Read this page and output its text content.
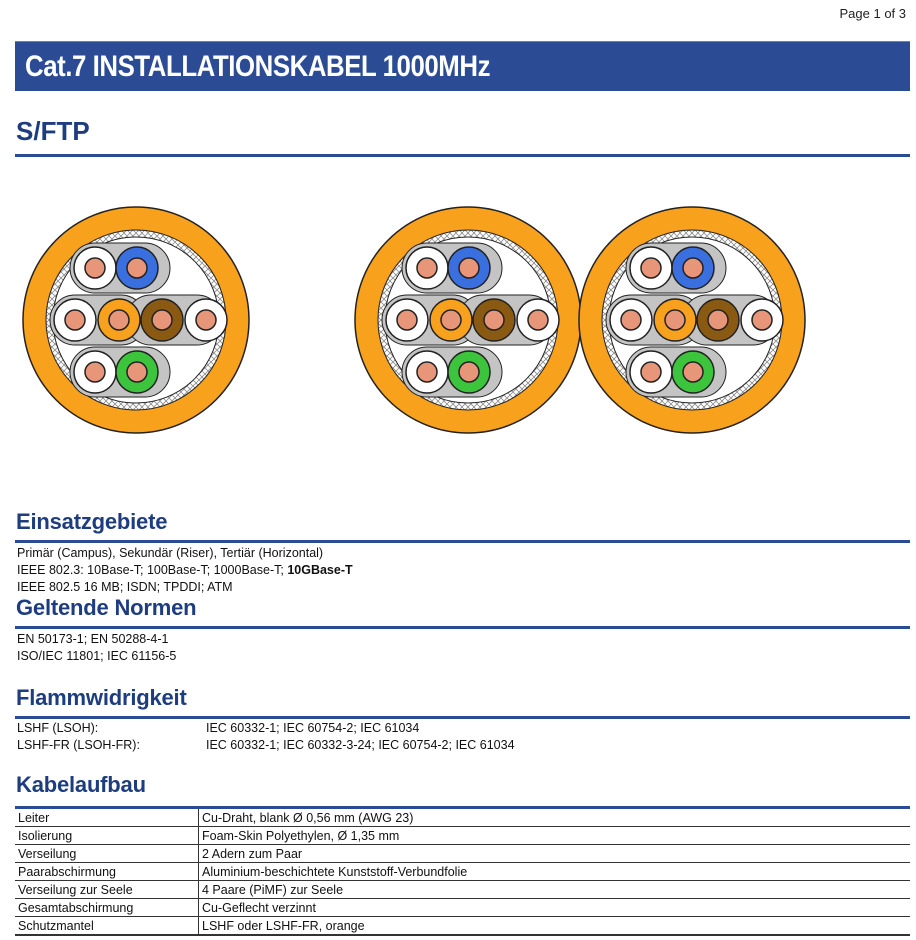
Page 1 of 3
Cat.7 INSTALLATIONSKABEL 1000MHz
S/FTP
Einsatzgebiete
Primär (Campus), Sekundär (Riser), Tertiär (Horizontal)
IEEE 802.3: 10Base-T; 100Base-T; 1000Base-T; 10GBase-T
IEEE 802.5 16 MB; ISDN; TPDDI; ATM
Geltende Normen
EN 50173-1; EN 50288-4-1
ISO/IEC 11801; IEC 61156-5
Flammwidrigkeit
LSHF (LSOH):	IEC 60332-1; IEC 60754-2; IEC 61034
LSHF-FR (LSOH-FR):	IEC 60332-1; IEC 60332-3-24; IEC 60754-2; IEC 61034
Kabelaufbau
Leiter	Cu-Draht, blank Ø 0,56 mm (AWG 23)
Isolierung	Foam-Skin Polyethylen, Ø 1,35 mm
Verseilung	2 Adern zum Paar
Paarabschirmung	Aluminium-beschichtete Kunststoff-Verbundfolie
Verseilung zur Seele	4 Paare (PiMF) zur Seele
Gesamtabschirmung	Cu-Geflecht verzinnt
Schutzmantel	LSHF oder LSHF-FR, orange
